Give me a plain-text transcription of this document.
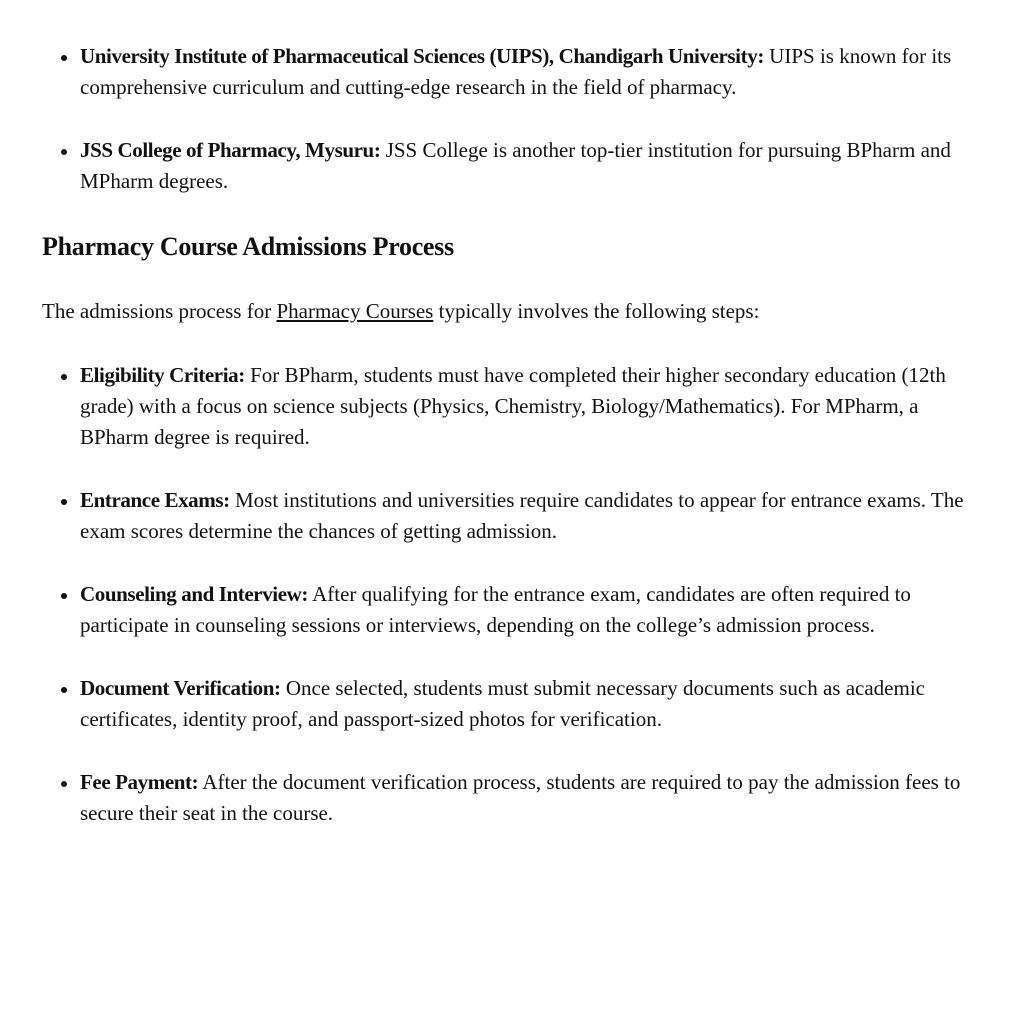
University Institute of Pharmaceutical Sciences (UIPS), Chandigarh University: UIPS is known for its comprehensive curriculum and cutting-edge research in the field of pharmacy.
JSS College of Pharmacy, Mysuru: JSS College is another top-tier institution for pursuing BPharm and MPharm degrees.
Pharmacy Course Admissions Process

The admissions process for Pharmacy Courses typically involves the following steps:

Eligibility Criteria: For BPharm, students must have completed their higher secondary education (12th grade) with a focus on science subjects (Physics, Chemistry, Biology/Mathematics). For MPharm, a BPharm degree is required.
Entrance Exams: Most institutions and universities require candidates to appear for entrance exams. The exam scores determine the chances of getting admission.
Counseling and Interview: After qualifying for the entrance exam, candidates are often required to participate in counseling sessions or interviews, depending on the college’s admission process.
Document Verification: Once selected, students must submit necessary documents such as academic certificates, identity proof, and passport-sized photos for verification.
Fee Payment: After the document verification process, students are required to pay the admission fees to secure their seat in the course.
